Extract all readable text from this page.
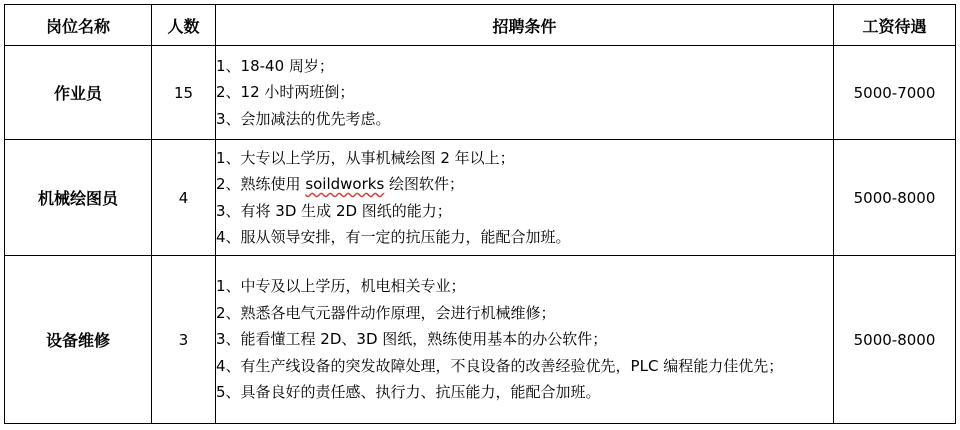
岗位名称	人数	招聘条件	工资待遇
作业员	15	1、18-40 周岁；
2、12 小时两班倒；
3、会加减法的优先考虑。	5000-7000
机械绘图员	4	1、大专以上学历，从事机械绘图 2 年以上；
2、熟练使用 soildworks 绘图软件；
3、有将 3D 生成 2D 图纸的能力；
4、服从领导安排，有一定的抗压能力，能配合加班。	5000-8000
设备维修	3	1、中专及以上学历，机电相关专业；
2、熟悉各电气元器件动作原理，会进行机械维修；
3、能看懂工程 2D、3D 图纸，熟练使用基本的办公软件；
4、有生产线设备的突发故障处理，不良设备的改善经验优先，PLC 编程能力佳优先；
5、具备良好的责任感、执行力、抗压能力，能配合加班。	5000-8000
